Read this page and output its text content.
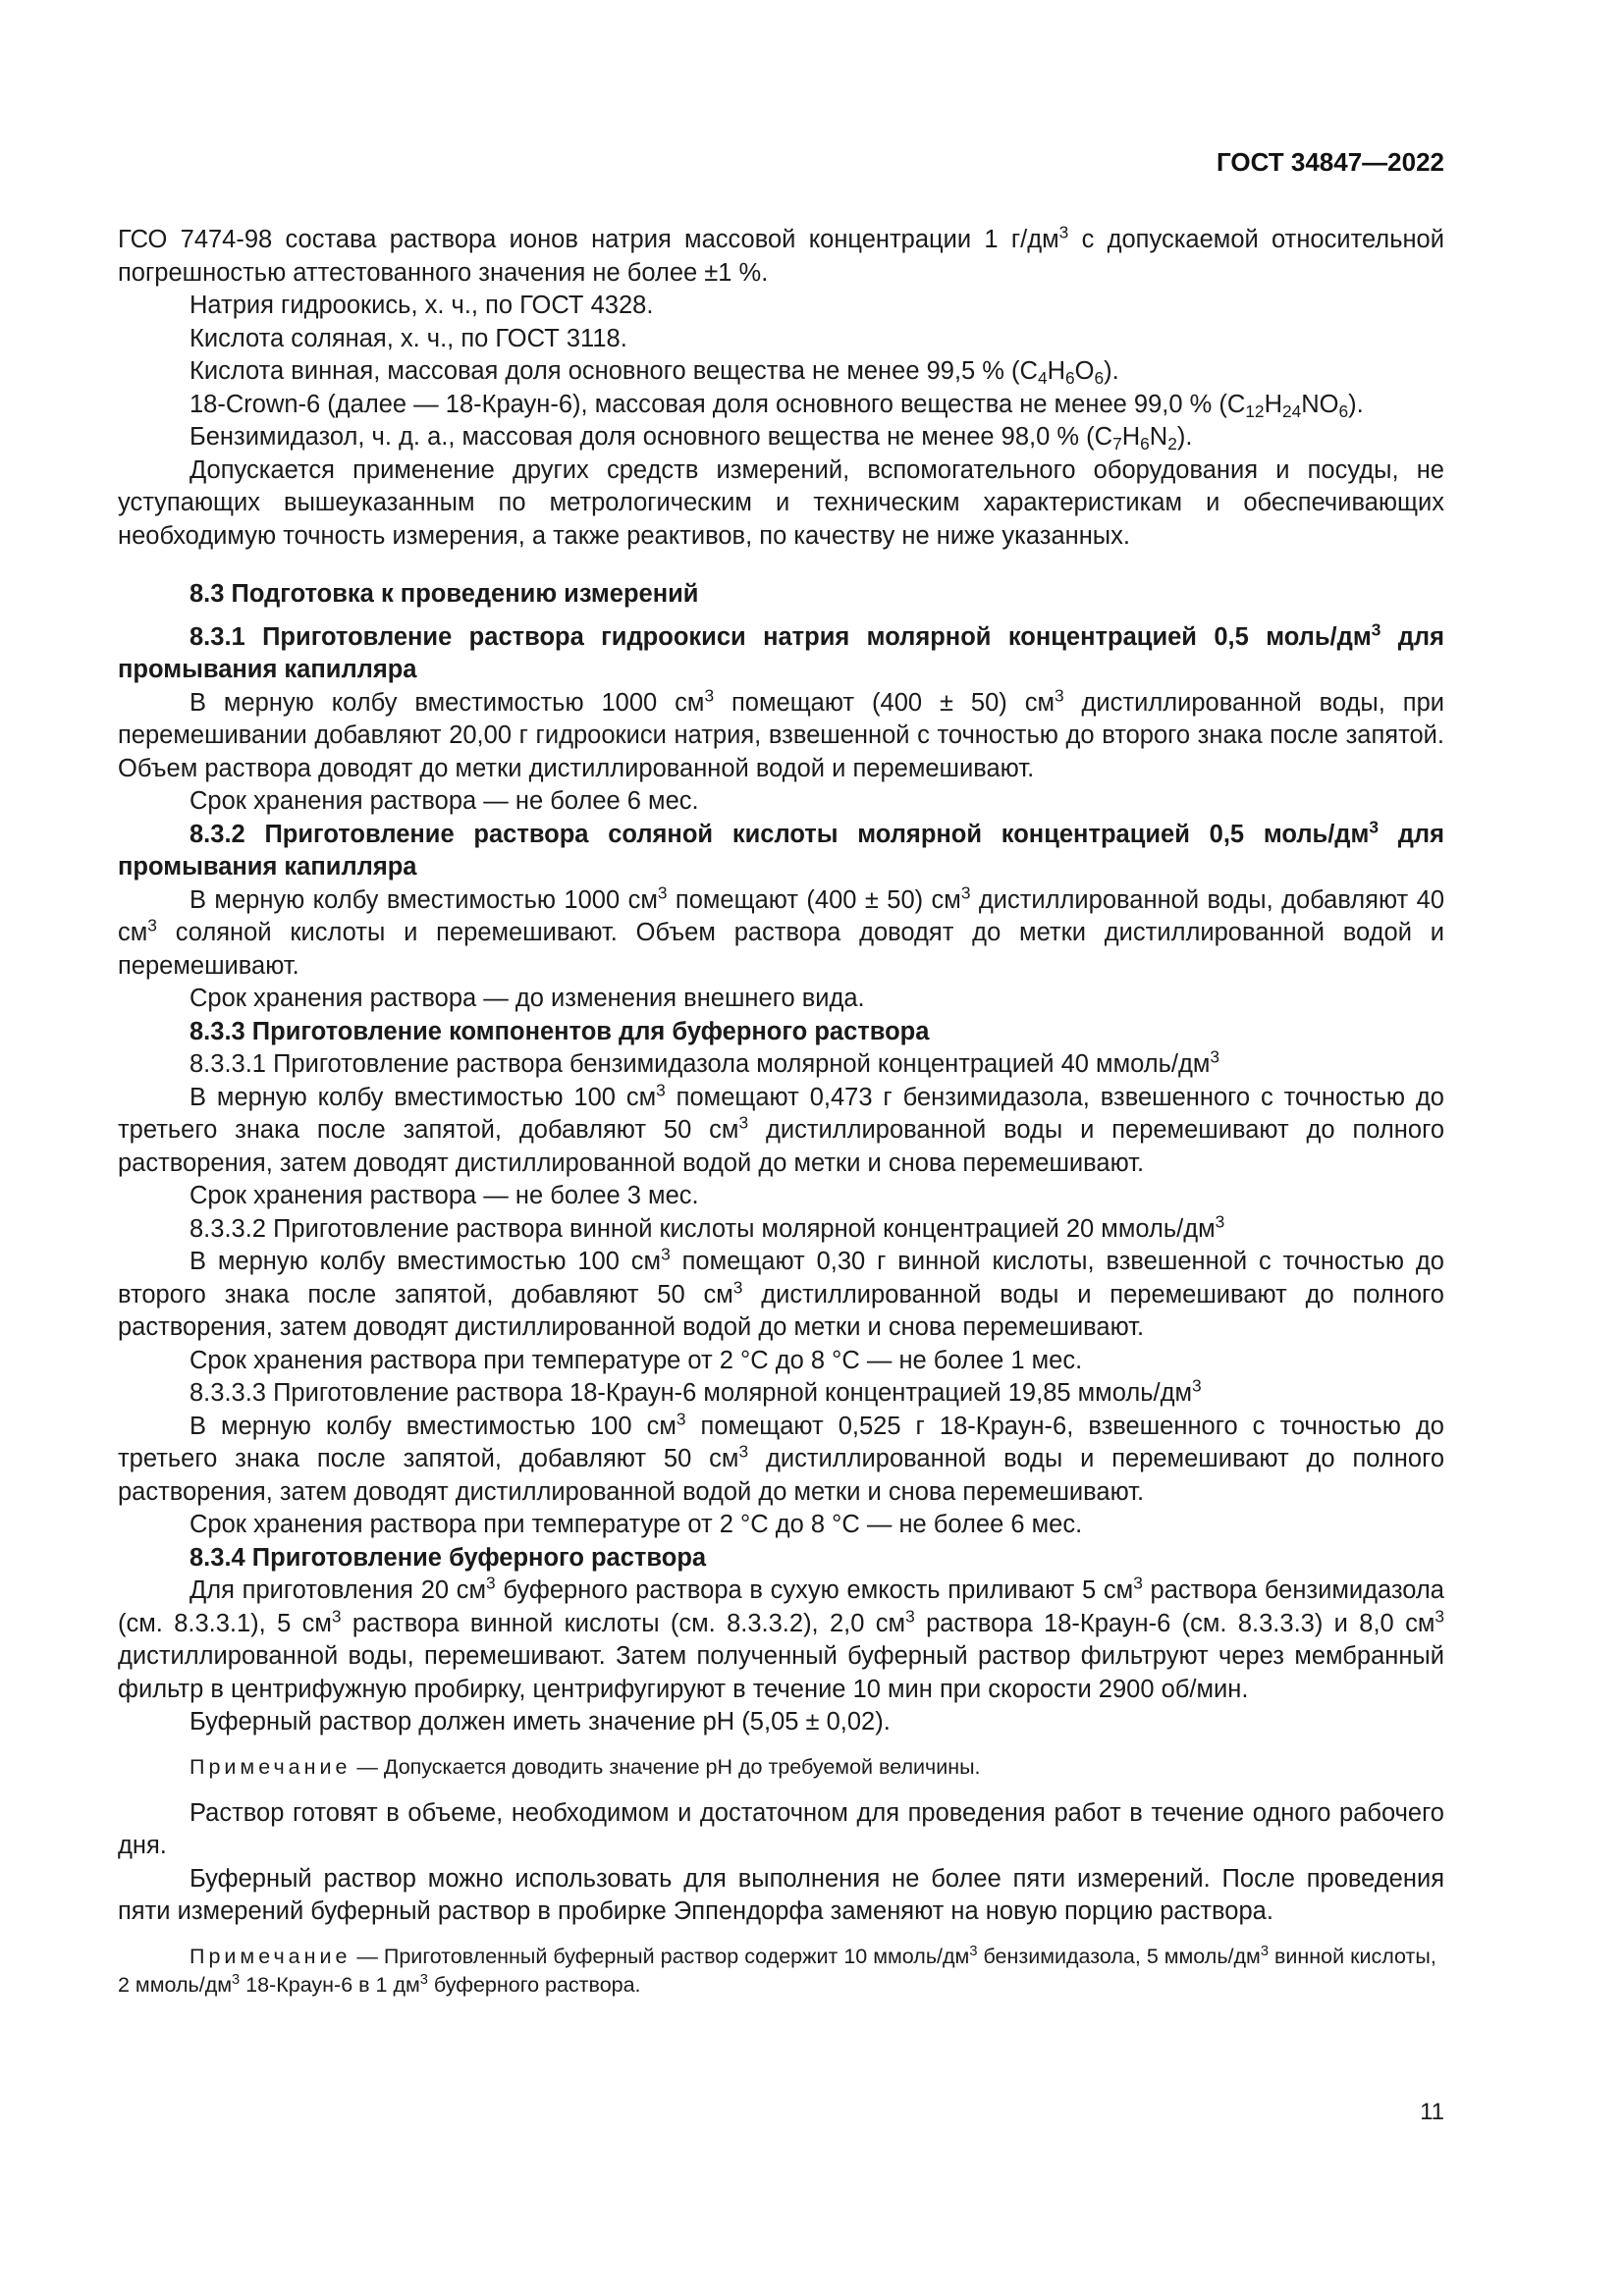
ГОСТ 34847—2022

ГСО 7474-98 состава раствора ионов натрия массовой концентрации 1 $г/дм^3$ с допускаемой относительной погрешностью аттестованного значения не более ±1 %.

Натрия гидроокись, х. ч., по ГОСТ 4328.

Кислота соляная, х. ч., по ГОСТ 3118.

Кислота винная, массовая доля основного вещества не менее 99,5 % $(C_4H_6O_6)$.

18-Crown-6 (далее — 18-Краун-6), массовая доля основного вещества не менее 99,0 % $(C_{12}H_{24}NO_6)$.

Бензимидазол, ч. д. а., массовая доля основного вещества не менее 98,0 % $(C_7H_6N_2)$.

Допускается применение других средств измерений, вспомогательного оборудования и посуды, не уступающих вышеуказанным по метрологическим и техническим характеристикам и обеспечивающих необходимую точность измерения, а также реактивов, по качеству не ниже указанных.

8.3 Подготовка к проведению измерений

8.3.1 Приготовление раствора гидроокиси натрия молярной концентрацией 0,5 моль/$дм^3$ для промывания капилляра

В мерную колбу вместимостью 1000 $см^3$ помещают (400 ± 50) $см^3$ дистиллированной воды, при перемешивании добавляют 20,00 г гидроокиси натрия, взвешенной с точностью до второго знака после запятой. Объем раствора доводят до метки дистиллированной водой и перемешивают.

Срок хранения раствора — не более 6 мес.

8.3.2 Приготовление раствора соляной кислоты молярной концентрацией 0,5 моль/$дм^3$ для промывания капилляра

В мерную колбу вместимостью 1000 $см^3$ помещают (400 ± 50) $см^3$ дистиллированной воды, добавляют 40 $см^3$ соляной кислоты и перемешивают. Объем раствора доводят до метки дистиллированной водой и перемешивают.

Срок хранения раствора — до изменения внешнего вида.

8.3.3 Приготовление компонентов для буферного раствора

8.3.3.1 Приготовление раствора бензимидазола молярной концентрацией 40 ммоль/$дм^3$

В мерную колбу вместимостью 100 $см^3$ помещают 0,473 г бензимидазола, взвешенного с точностью до третьего знака после запятой, добавляют 50 $см^3$ дистиллированной воды и перемешивают до полного растворения, затем доводят дистиллированной водой до метки и снова перемешивают.

Срок хранения раствора — не более 3 мес.

8.3.3.2 Приготовление раствора винной кислоты молярной концентрацией 20 ммоль/$дм^3$

В мерную колбу вместимостью 100 $см^3$ помещают 0,30 г винной кислоты, взвешенной с точностью до второго знака после запятой, добавляют 50 $см^3$ дистиллированной воды и перемешивают до полного растворения, затем доводят дистиллированной водой до метки и снова перемешивают.

Срок хранения раствора при температуре от 2 °C до 8 °C — не более 1 мес.

8.3.3.3 Приготовление раствора 18-Краун-6 молярной концентрацией 19,85 ммоль/$дм^3$

В мерную колбу вместимостью 100 $см^3$ помещают 0,525 г 18-Краун-6, взвешенного с точностью до третьего знака после запятой, добавляют 50 $см^3$ дистиллированной воды и перемешивают до полного растворения, затем доводят дистиллированной водой до метки и снова перемешивают.

Срок хранения раствора при температуре от 2 °C до 8 °C — не более 6 мес.

8.3.4 Приготовление буферного раствора

Для приготовления 20 $см^3$ буферного раствора в сухую емкость приливают 5 $см^3$ раствора бензимидазола (см. 8.3.3.1), 5 $см^3$ раствора винной кислоты (см. 8.3.3.2), 2,0 $см^3$ раствора 18-Краун-6 (см. 8.3.3.3) и 8,0 $см^3$ дистиллированной воды, перемешивают. Затем полученный буферный раствор фильтруют через мембранный фильтр в центрифужную пробирку, центрифугируют в течение 10 мин при скорости 2900 об/мин.

Буферный раствор должен иметь значение pH (5,05 ± 0,02).

Примечание — Допускается доводить значение pH до требуемой величины.

Раствор готовят в объеме, необходимом и достаточном для проведения работ в течение одного рабочего дня.

Буферный раствор можно использовать для выполнения не более пяти измерений. После проведения пяти измерений буферный раствор в пробирке Эппендорфа заменяют на новую порцию раствора.

Примечание — Приготовленный буферный раствор содержит 10 ммоль/$дм^3$ бензимидазола, 5 ммоль/$дм^3$ винной кислоты, 2 ммоль/$дм^3$ 18-Краун-6 в 1 $дм^3$ буферного раствора.

11
